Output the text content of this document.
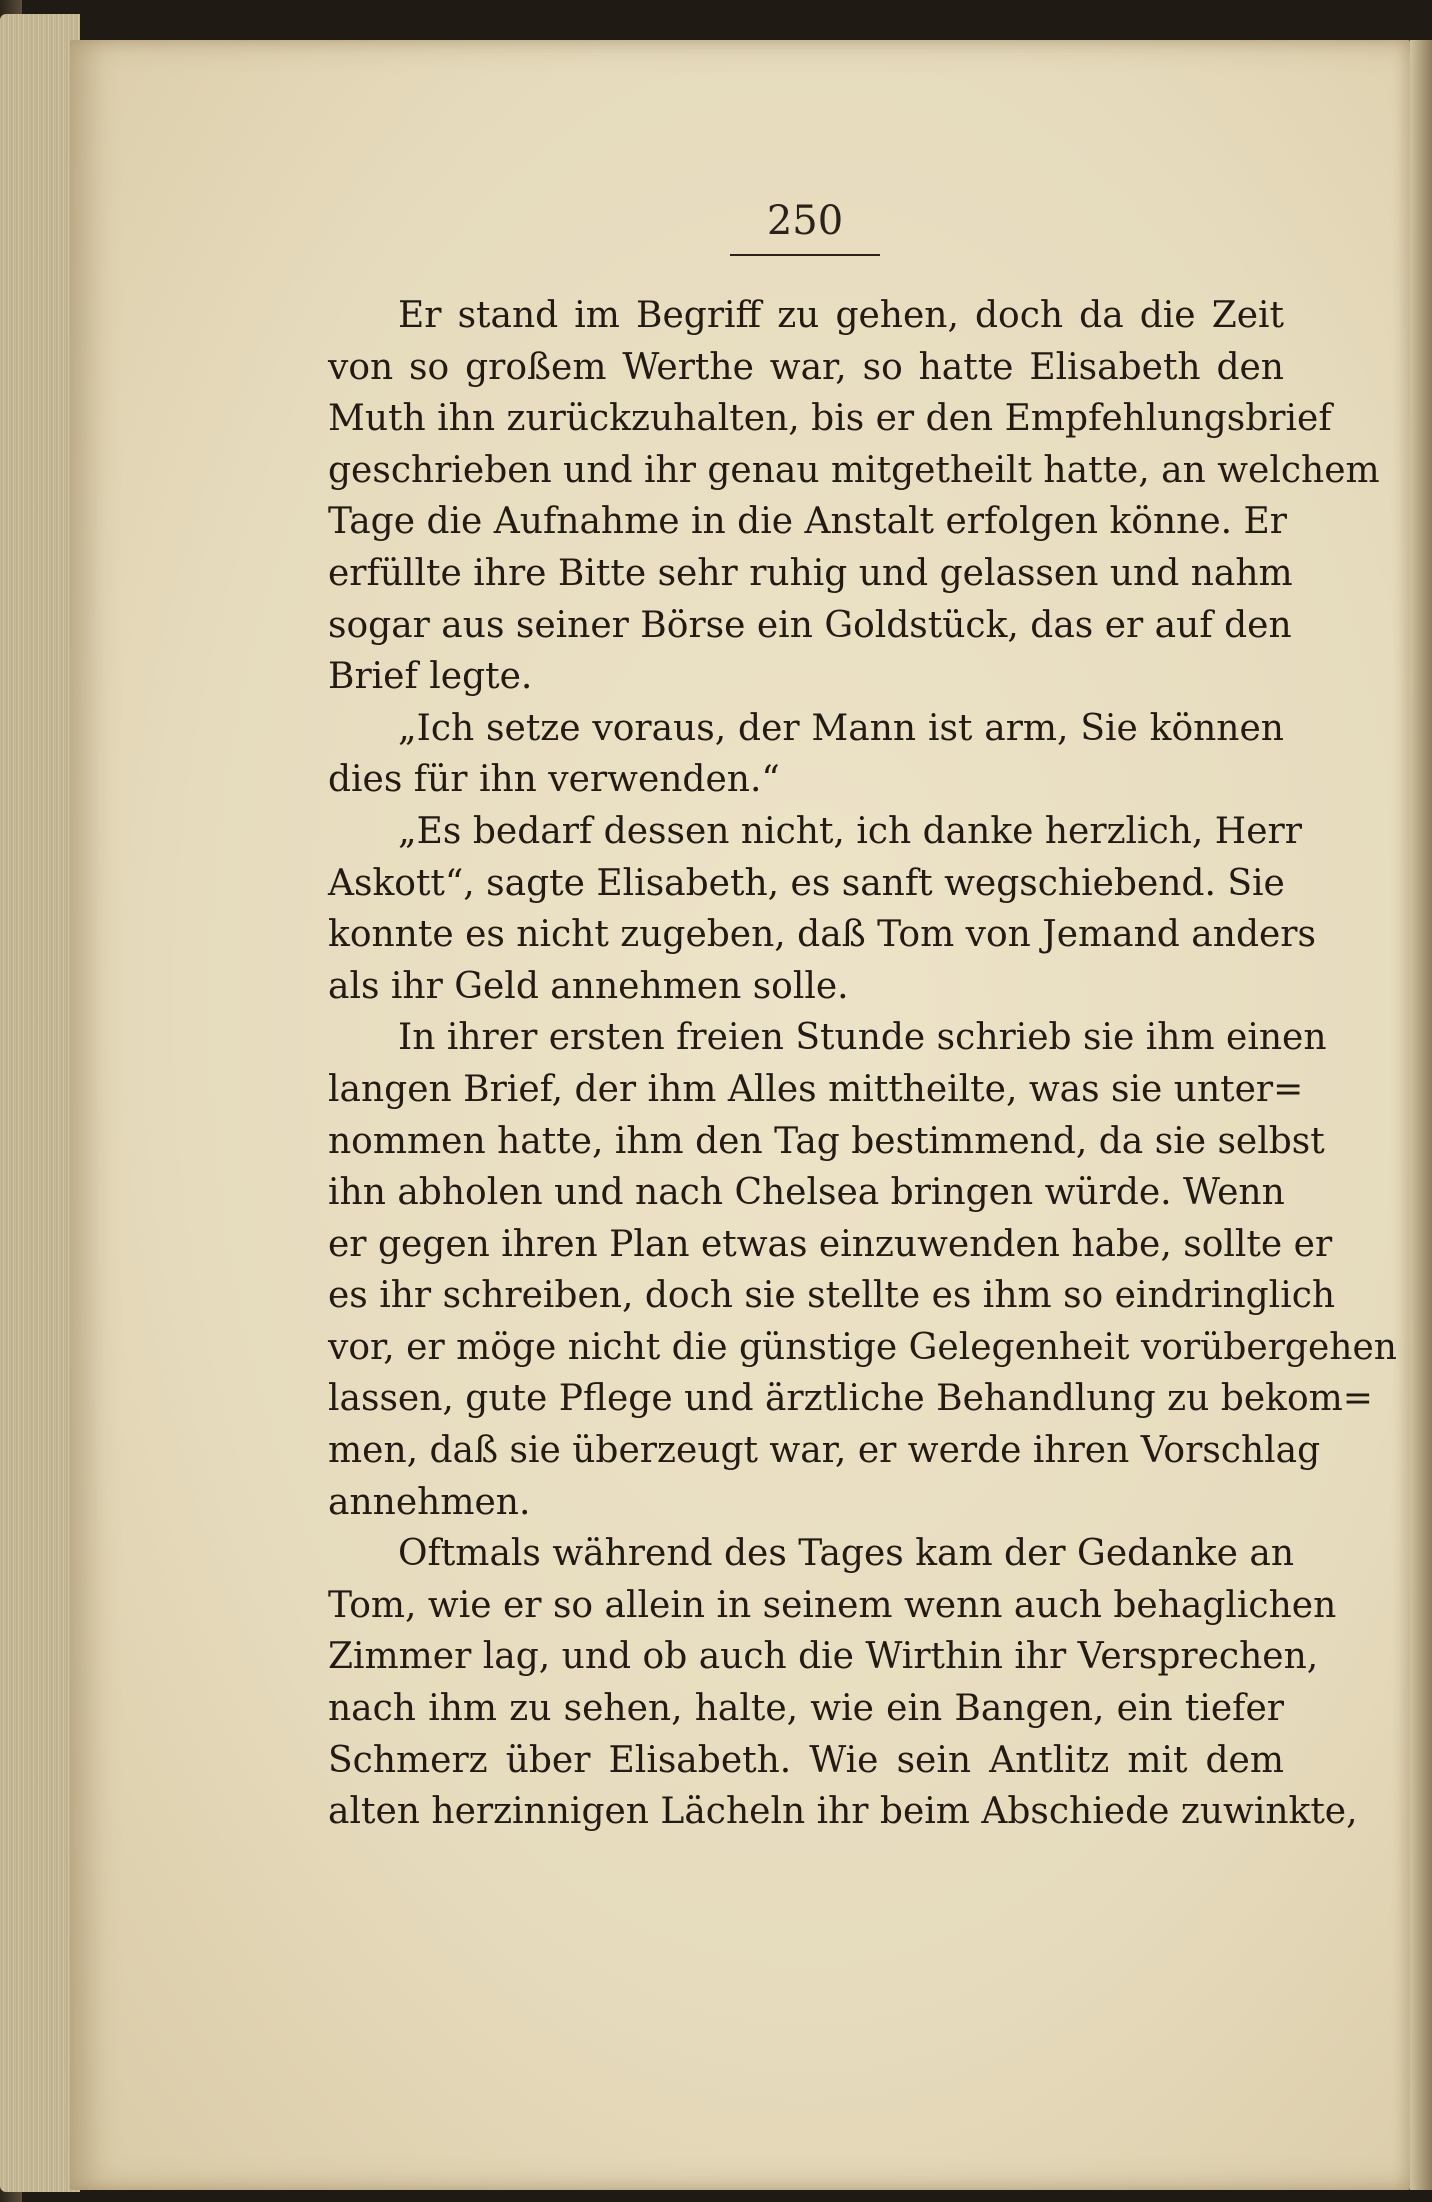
250
Er stand im Begriff zu gehen, doch da die Zeit
von so großem Werthe war, so hatte Elisabeth den
Muth ihn zurückzuhalten, bis er den Empfehlungsbrief
geschrieben und ihr genau mitgetheilt hatte, an welchem
Tage die Aufnahme in die Anstalt erfolgen könne. Er
erfüllte ihre Bitte sehr ruhig und gelassen und nahm
sogar aus seiner Börse ein Goldstück, das er auf den
Brief legte.
„Ich setze voraus, der Mann ist arm, Sie können
dies für ihn verwenden.“
„Es bedarf dessen nicht, ich danke herzlich, Herr
Askott“, sagte Elisabeth, es sanft wegschiebend. Sie
konnte es nicht zugeben, daß Tom von Jemand anders
als ihr Geld annehmen solle.
In ihrer ersten freien Stunde schrieb sie ihm einen
langen Brief, der ihm Alles mittheilte, was sie unter=
nommen hatte, ihm den Tag bestimmend, da sie selbst
ihn abholen und nach Chelsea bringen würde. Wenn
er gegen ihren Plan etwas einzuwenden habe, sollte er
es ihr schreiben, doch sie stellte es ihm so eindringlich
vor, er möge nicht die günstige Gelegenheit vorübergehen
lassen, gute Pflege und ärztliche Behandlung zu bekom=
men, daß sie überzeugt war, er werde ihren Vorschlag
annehmen.
Oftmals während des Tages kam der Gedanke an
Tom, wie er so allein in seinem wenn auch behaglichen
Zimmer lag, und ob auch die Wirthin ihr Versprechen,
nach ihm zu sehen, halte, wie ein Bangen, ein tiefer
Schmerz über Elisabeth. Wie sein Antlitz mit dem
alten herzinnigen Lächeln ihr beim Abschiede zuwinkte,
